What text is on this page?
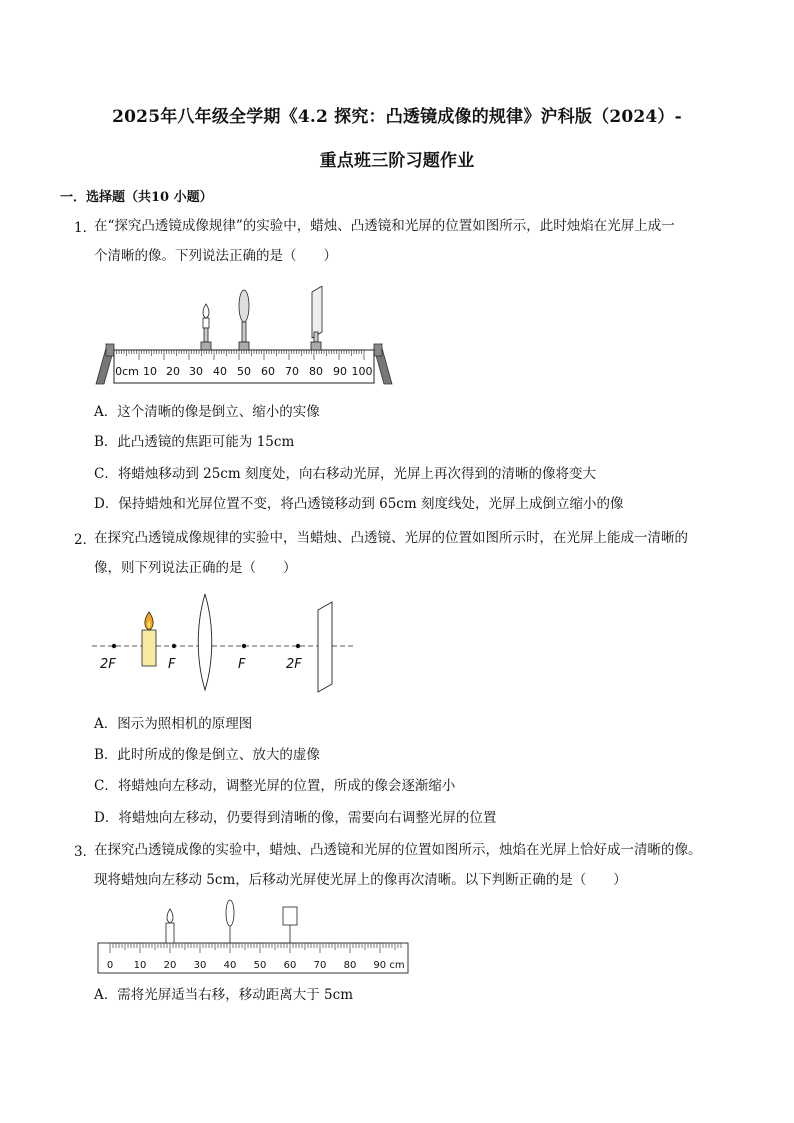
2025年八年级全学期《4.2 探究：凸透镜成像的规律》沪科版（2024）-
重点班三阶习题作业
一．选择题（共10 小题）
1．
在“探究凸透镜成像规律”的实验中，蜡烛、凸透镜和光屏的位置如图所示，此时烛焰在光屏上成一
个清晰的像。下列说法正确的是（　　）
0cm 10 20 30 40 50 60 70 80 90 100
A．这个清晰的像是倒立、缩小的实像
B．此凸透镜的焦距可能为 15cm
C．将蜡烛移动到 25cm 刻度处，向右移动光屏，光屏上再次得到的清晰的像将变大
D．保持蜡烛和光屏位置不变，将凸透镜移动到 65cm 刻度线处，光屏上成倒立缩小的像
2．
在探究凸透镜成像规律的实验中，当蜡烛、凸透镜、光屏的位置如图所示时，在光屏上能成一清晰的
像，则下列说法正确的是（　　）
2F	F	F	2F
A．图示为照相机的原理图
B．此时所成的像是倒立、放大的虚像
C．将蜡烛向左移动，调整光屏的位置，所成的像会逐渐缩小
D．将蜡烛向左移动，仍要得到清晰的像，需要向右调整光屏的位置
3．
在探究凸透镜成像的实验中，蜡烛、凸透镜和光屏的位置如图所示，烛焰在光屏上恰好成一清晰的像。
现将蜡烛向左移动 5cm，后移动光屏使光屏上的像再次清晰。以下判断正确的是（　　）
0 10 20 30 40 50 60 70 80 90 cm
A．需将光屏适当右移，移动距离大于 5cm
